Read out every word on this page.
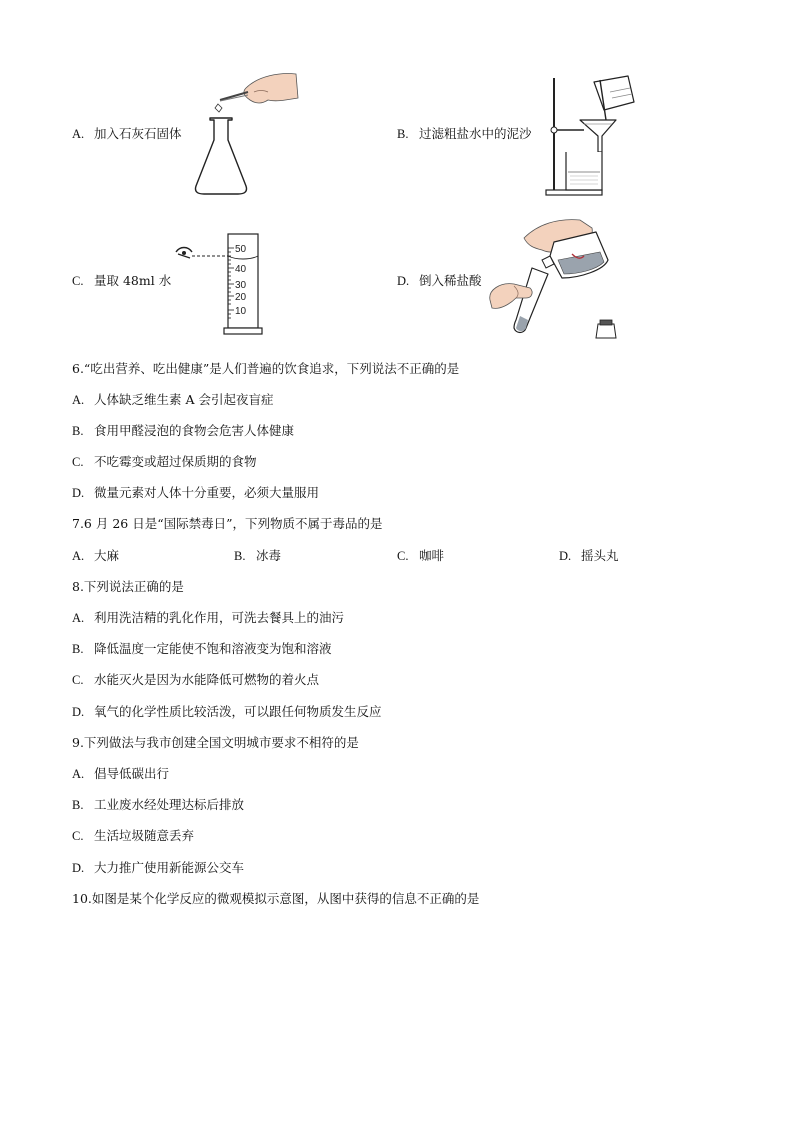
A. 加入石灰石固体	B. 过滤粗盐水中的泥沙
C. 量取 48ml 水
50
40
30
20
10
D. 倒入稀盐酸
6.“吃出营养、吃出健康”是人们普遍的饮食追求，下列说法不正确的是
A. 人体缺乏维生素 A 会引起夜盲症
B. 食用甲醛浸泡的食物会危害人体健康
C. 不吃霉变或超过保质期的食物
D. 微量元素对人体十分重要，必须大量服用
7.6 月 26 日是“国际禁毒日”，下列物质不属于毒品的是
A. 大麻	B. 冰毒	C. 咖啡	D. 摇头丸
8.下列说法正确的是
A. 利用洗洁精的乳化作用，可洗去餐具上的油污
B. 降低温度一定能使不饱和溶液变为饱和溶液
C. 水能灭火是因为水能降低可燃物的着火点
D. 氧气的化学性质比较活泼，可以跟任何物质发生反应
9.下列做法与我市创建全国文明城市要求不相符的是
A. 倡导低碳出行
B. 工业废水经处理达标后排放
C. 生活垃圾随意丢弃
D. 大力推广使用新能源公交车
10.如图是某个化学反应的微观模拟示意图，从图中获得的信息不正确的是
